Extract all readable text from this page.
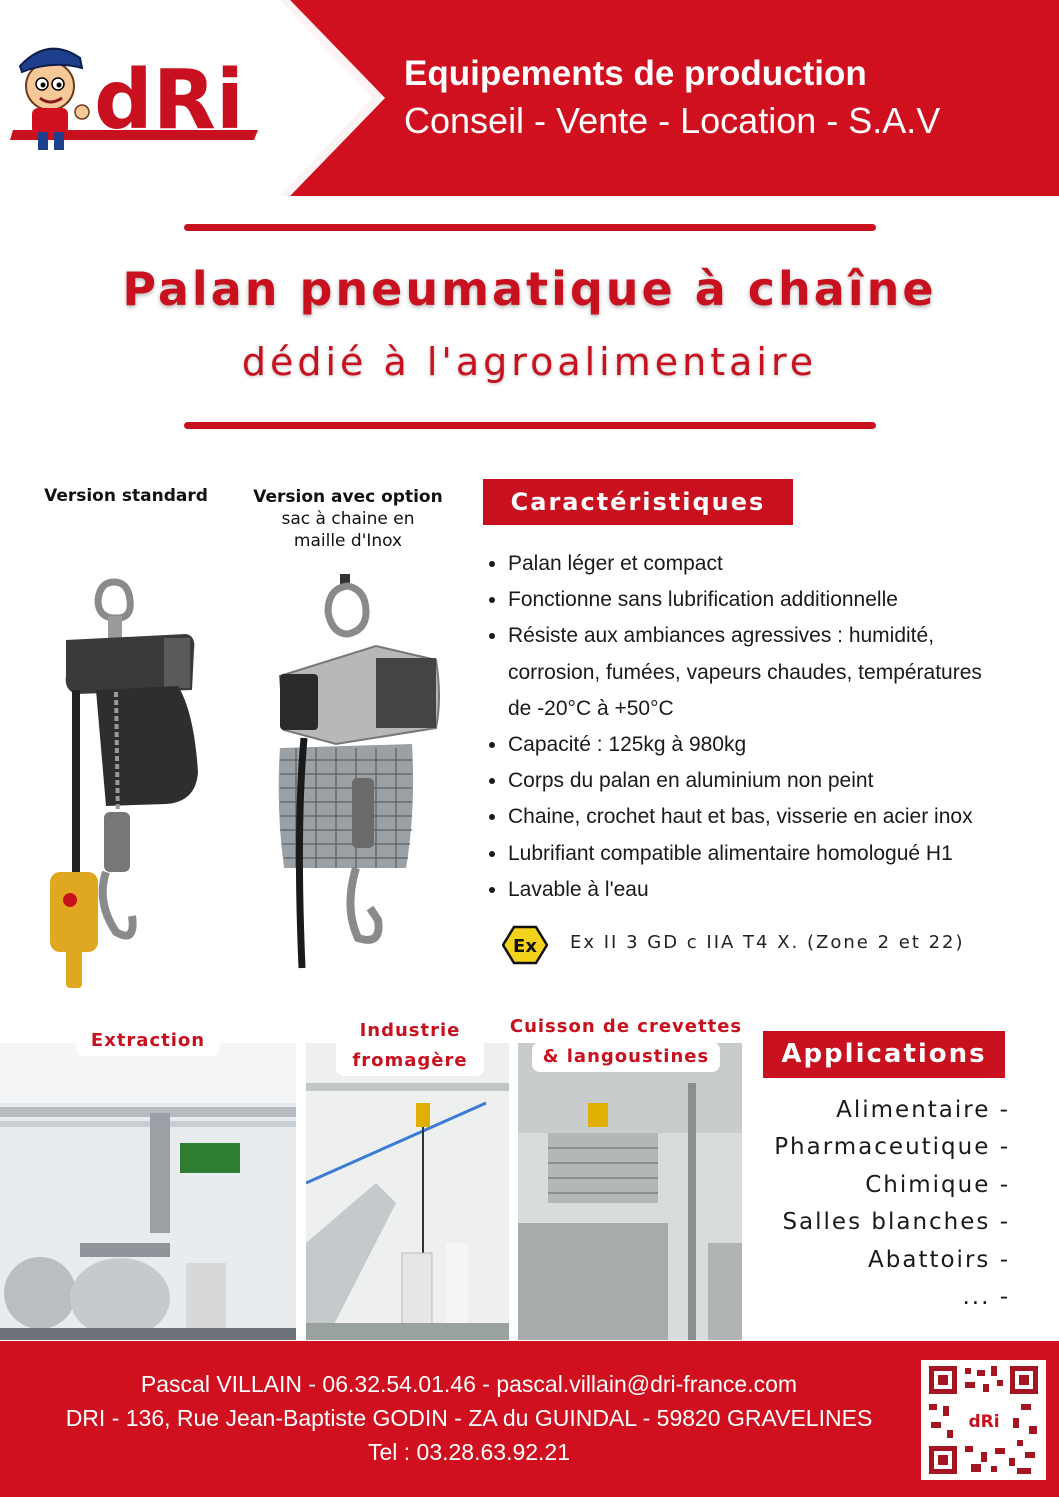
dRi	Equipements de production
Conseil - Vente - Location - S.A.V
Palan pneumatique à chaîne
dédié à l'agroalimentaire
Version standard	Version avec option
sac à chaine en
maille d'Inox
Caractéristiques
• Palan léger et compact
• Fonctionne sans lubrification additionnelle
• Résiste aux ambiances agressives : humidité, corrosion, fumées, vapeurs chaudes, températures de -20°C à +50°C
• Capacité : 125kg à 980kg
• Corps du palan en aluminium non peint
• Chaine, crochet haut et bas, visserie en acier inox
• Lubrifiant compatible alimentaire homologué H1
• Lavable à l'eau
Ex Ex II 3 GD c IIA T4 X. (Zone 2 et 22)
Extraction	Industrie
fromagère
Cuisson de crevettes
& langoustines	Applications
Alimentaire -
Pharmaceutique -
Chimique -
Salles blanches -
Abattoirs -
... -
Pascal VILLAIN - 06.32.54.01.46 - pascal.villain@dri-france.com
DRI - 136, Rue Jean-Baptiste GODIN - ZA du GUINDAL - 59820 GRAVELINES
Tel : 03.28.63.92.21
dRi
